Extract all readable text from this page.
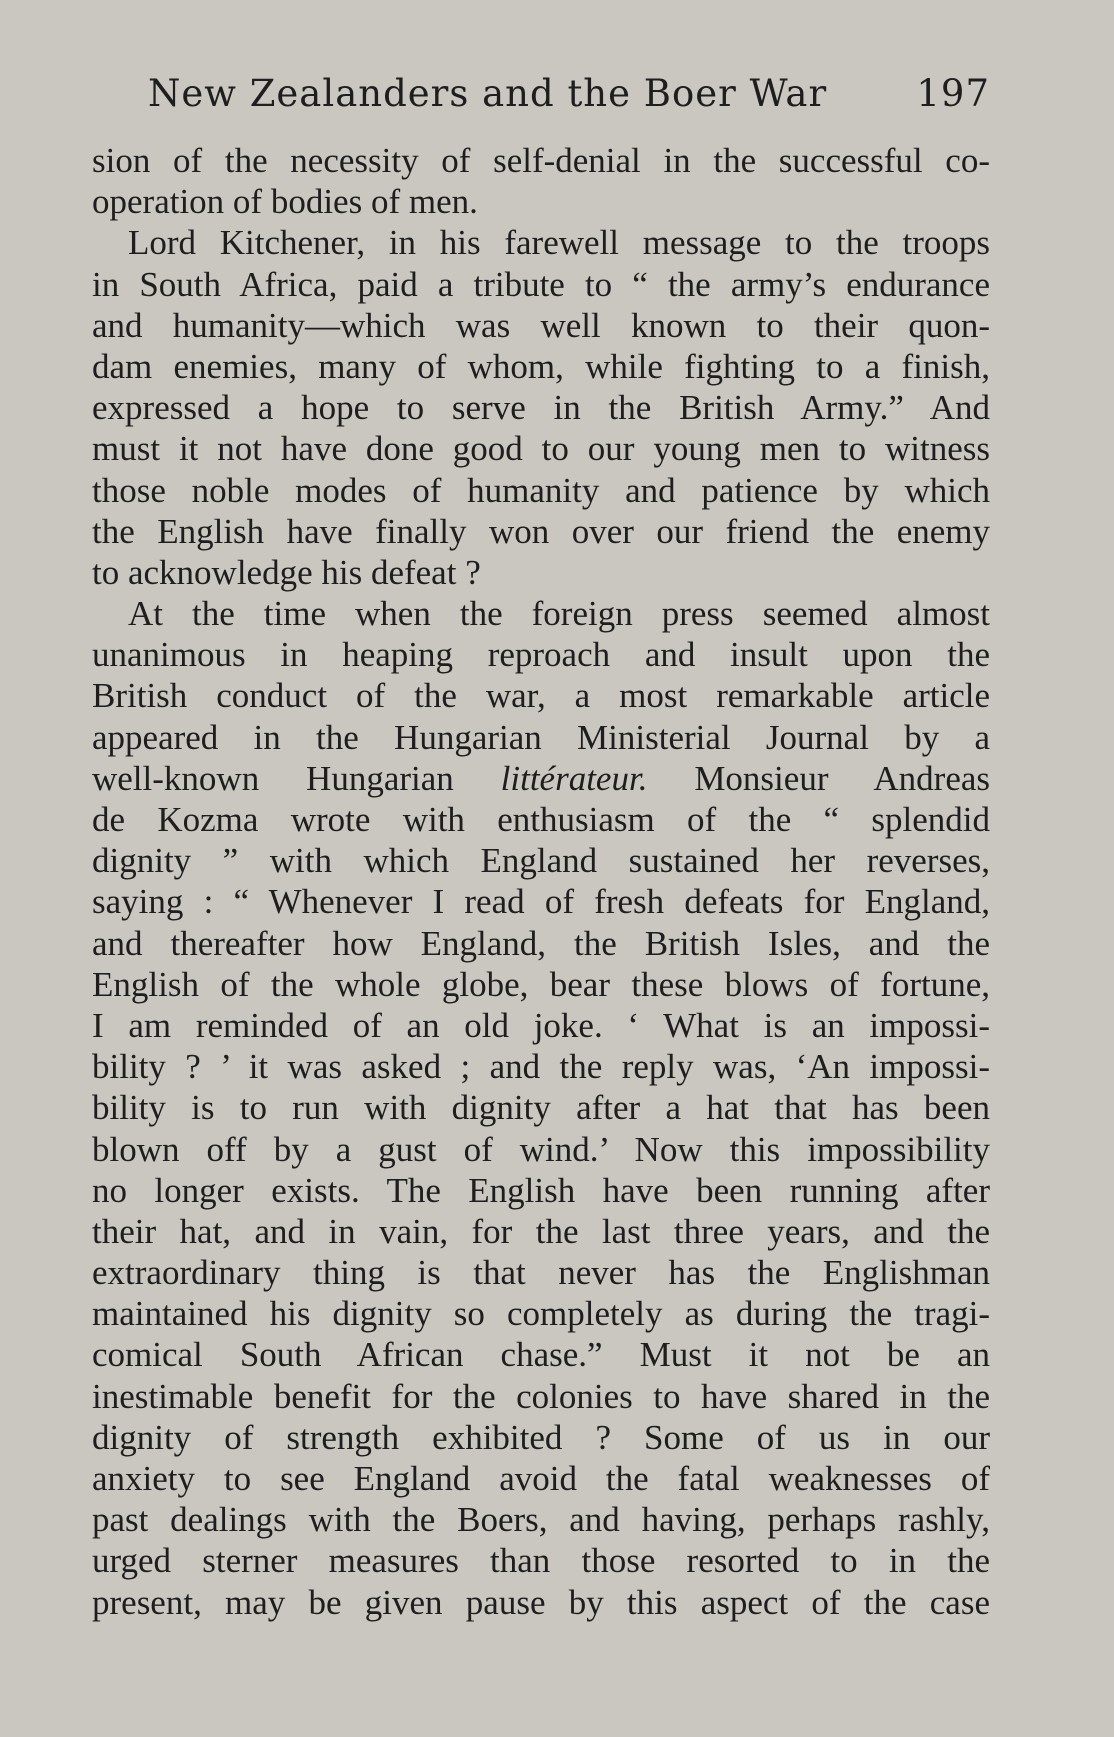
New Zealanders and the Boer War 197
sion of the necessity of self-denial in the successful co-
operation of bodies of men.
Lord Kitchener, in his farewell message to the troops
in South Africa, paid a tribute to “ the army’s endurance
and humanity—which was well known to their quon-
dam enemies, many of whom, while fighting to a finish,
expressed a hope to serve in the British Army.” And
must it not have done good to our young men to witness
those noble modes of humanity and patience by which
the English have finally won over our friend the enemy
to acknowledge his defeat ?
At the time when the foreign press seemed almost
unanimous in heaping reproach and insult upon the
British conduct of the war, a most remarkable article
appeared in the Hungarian Ministerial Journal by a
well-known Hungarian littérateur. Monsieur Andreas
de Kozma wrote with enthusiasm of the “ splendid
dignity ” with which England sustained her reverses,
saying : “ Whenever I read of fresh defeats for England,
and thereafter how England, the British Isles, and the
English of the whole globe, bear these blows of fortune,
I am reminded of an old joke. ‘ What is an impossi-
bility ? ’ it was asked ; and the reply was, ‘An impossi-
bility is to run with dignity after a hat that has been
blown off by a gust of wind.’ Now this impossibility
no longer exists. The English have been running after
their hat, and in vain, for the last three years, and the
extraordinary thing is that never has the Englishman
maintained his dignity so completely as during the tragi-
comical South African chase.” Must it not be an
inestimable benefit for the colonies to have shared in the
dignity of strength exhibited ? Some of us in our
anxiety to see England avoid the fatal weaknesses of
past dealings with the Boers, and having, perhaps rashly,
urged sterner measures than those resorted to in the
present, may be given pause by this aspect of the case
